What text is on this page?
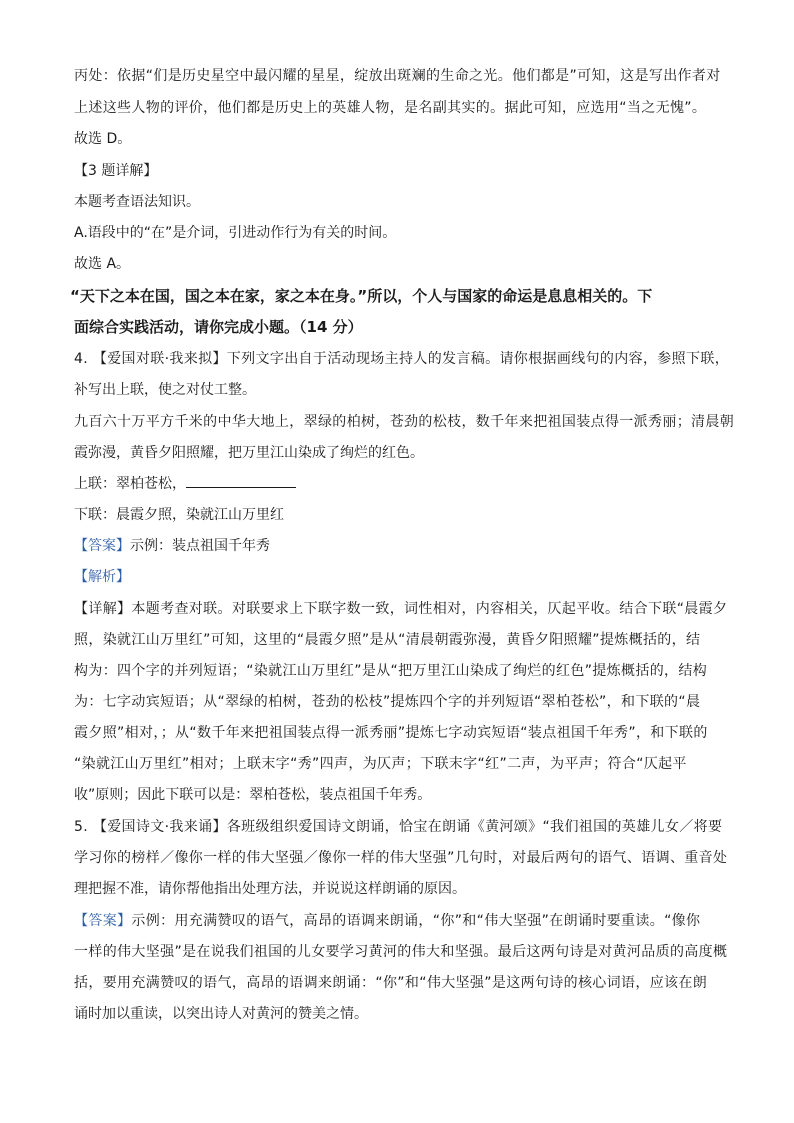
丙处：依据“们是历史星空中最闪耀的星星，绽放出斑斓的生命之光。他们都是”可知，这是写出作者对
上述这些人物的评价，他们都是历史上的英雄人物，是名副其实的。据此可知，应选用“当之无愧”。
故选 D。
【3 题详解】
本题考查语法知识。
A.语段中的“在”是介词，引进动作行为有关的时间。
故选 A。
“天下之本在国，国之本在家，家之本在身。”所以，个人与国家的命运是息息相关的。下
面综合实践活动，请你完成小题。（14 分）
4. 【爱国对联·我来拟】下列文字出自于活动现场主持人的发言稿。请你根据画线句的内容，参照下联，
补写出上联，使之对仗工整。
九百六十万平方千米的中华大地上，翠绿的柏树，苍劲的松枝，数千年来把祖国装点得一派秀丽；清晨朝
霞弥漫，黄昏夕阳照耀，把万里江山染成了绚烂的红色。
上联：翠柏苍松，
下联：晨霞夕照，染就江山万里红
【答案】示例：装点祖国千年秀
【解析】
【详解】本题考查对联。对联要求上下联字数一致，词性相对，内容相关，仄起平收。结合下联“晨霞夕
照，染就江山万里红”可知，这里的“晨霞夕照”是从“清晨朝霞弥漫，黄昏夕阳照耀”提炼概括的，结
构为：四个字的并列短语；“染就江山万里红”是从“把万里江山染成了绚烂的红色”提炼概括的，结构
为：七字动宾短语；从“翠绿的柏树，苍劲的松枝”提炼四个字的并列短语“翠柏苍松”，和下联的“晨
霞夕照”相对，；从“数千年来把祖国装点得一派秀丽”提炼七字动宾短语“装点祖国千年秀”，和下联的
“染就江山万里红”相对；上联末字“秀”四声，为仄声；下联末字“红”二声，为平声；符合“仄起平
收”原则；因此下联可以是：翠柏苍松，装点祖国千年秀。
5. 【爱国诗文·我来诵】各班级组织爱国诗文朗诵，恰宝在朗诵《黄河颂》“我们祖国的英雄儿女／将要
学习你的榜样／像你一样的伟大坚强／像你一样的伟大坚强”几句时，对最后两句的语气、语调、重音处
理把握不准，请你帮他指出处理方法，并说说这样朗诵的原因。
【答案】示例：用充满赞叹的语气，高昂的语调来朗诵，“你”和“伟大坚强”在朗诵时要重读。“像你
一样的伟大坚强”是在说我们祖国的儿女要学习黄河的伟大和坚强。最后这两句诗是对黄河品质的高度概
括，要用充满赞叹的语气，高昂的语调来朗诵：“你”和“伟大坚强”是这两句诗的核心词语，应该在朗
诵时加以重读，以突出诗人对黄河的赞美之情。
